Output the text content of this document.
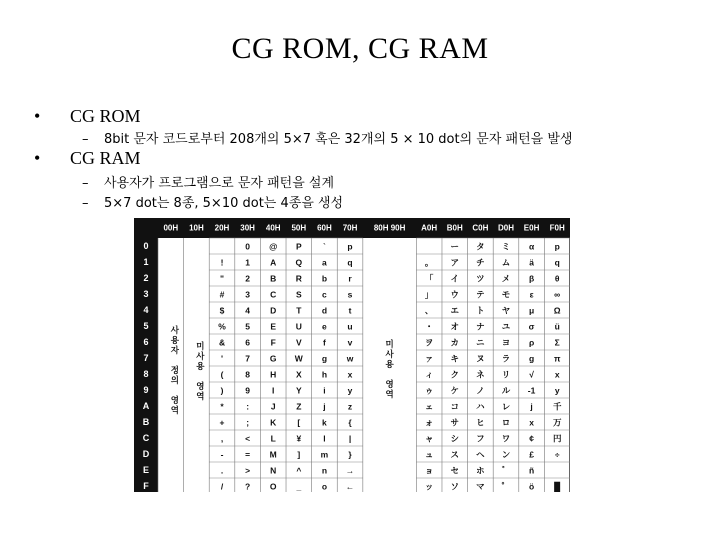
CG ROM, CG RAM
• CG ROM
– 8bit 문자 코드로부터 208개의 5×7 혹은 32개의 5 × 10 dot의 문자 패턴을 발생
• CG RAM
– 사용자가 프로그램으로 문자 패턴을 설계
– 5×7 dot는 8종, 5×10 dot는 4종을 생성
00H 10H 20H 30H 40H 50H 60H 70H 80H 90H A0H B0H C0H D0H E0H F0H
0
1
2
3
4
5
6
7
8
9
A
B
C
D
E
F
!
"
#
$
%
&
'
(
)
*
+
,
-
.
/
0
1
2
3
4
5
6
7
8
9
:
;
<
=
>
?
@
A
B
C
D
E
F
G
H
I
J
K
L
M
N
O
P
Q
R
S
T
U
V
W
X
Y
Z
[
¥
]
^
_
`
a
b
c
d
e
f
g
h
i
j
k
l
m
n
o
p
q
r
s
t
u
v
w
x
y
z
{
|
}
→
←
。
「
」
、
・
ヲ
ァ
ィ
ゥ
ェ
ォ
ャ
ュ
ョ
ッ
ー
ア
イ
ウ
エ
オ
カ
キ
ク
ケ
コ
サ
シ
ス
セ
ソ
タ
チ
ツ
テ
ト
ナ
ニ
ヌ
ネ
ノ
ハ
ヒ
フ
ヘ
ホ
マ
ミ
ム
メ
モ
ヤ
ユ
ヨ
ラ
リ
ル
レ
ロ
ワ
ン
゛
゜
α
ä
β
ε
μ
σ
ρ
g
√
-1
j
x
¢
£
ñ
ö
p
q
θ
∞
Ω
ü
Σ
π
x
y
千
万
円
÷
█
사
용
자
정
의
영
역
미
사
용
영
역
미
사
용
영
역
